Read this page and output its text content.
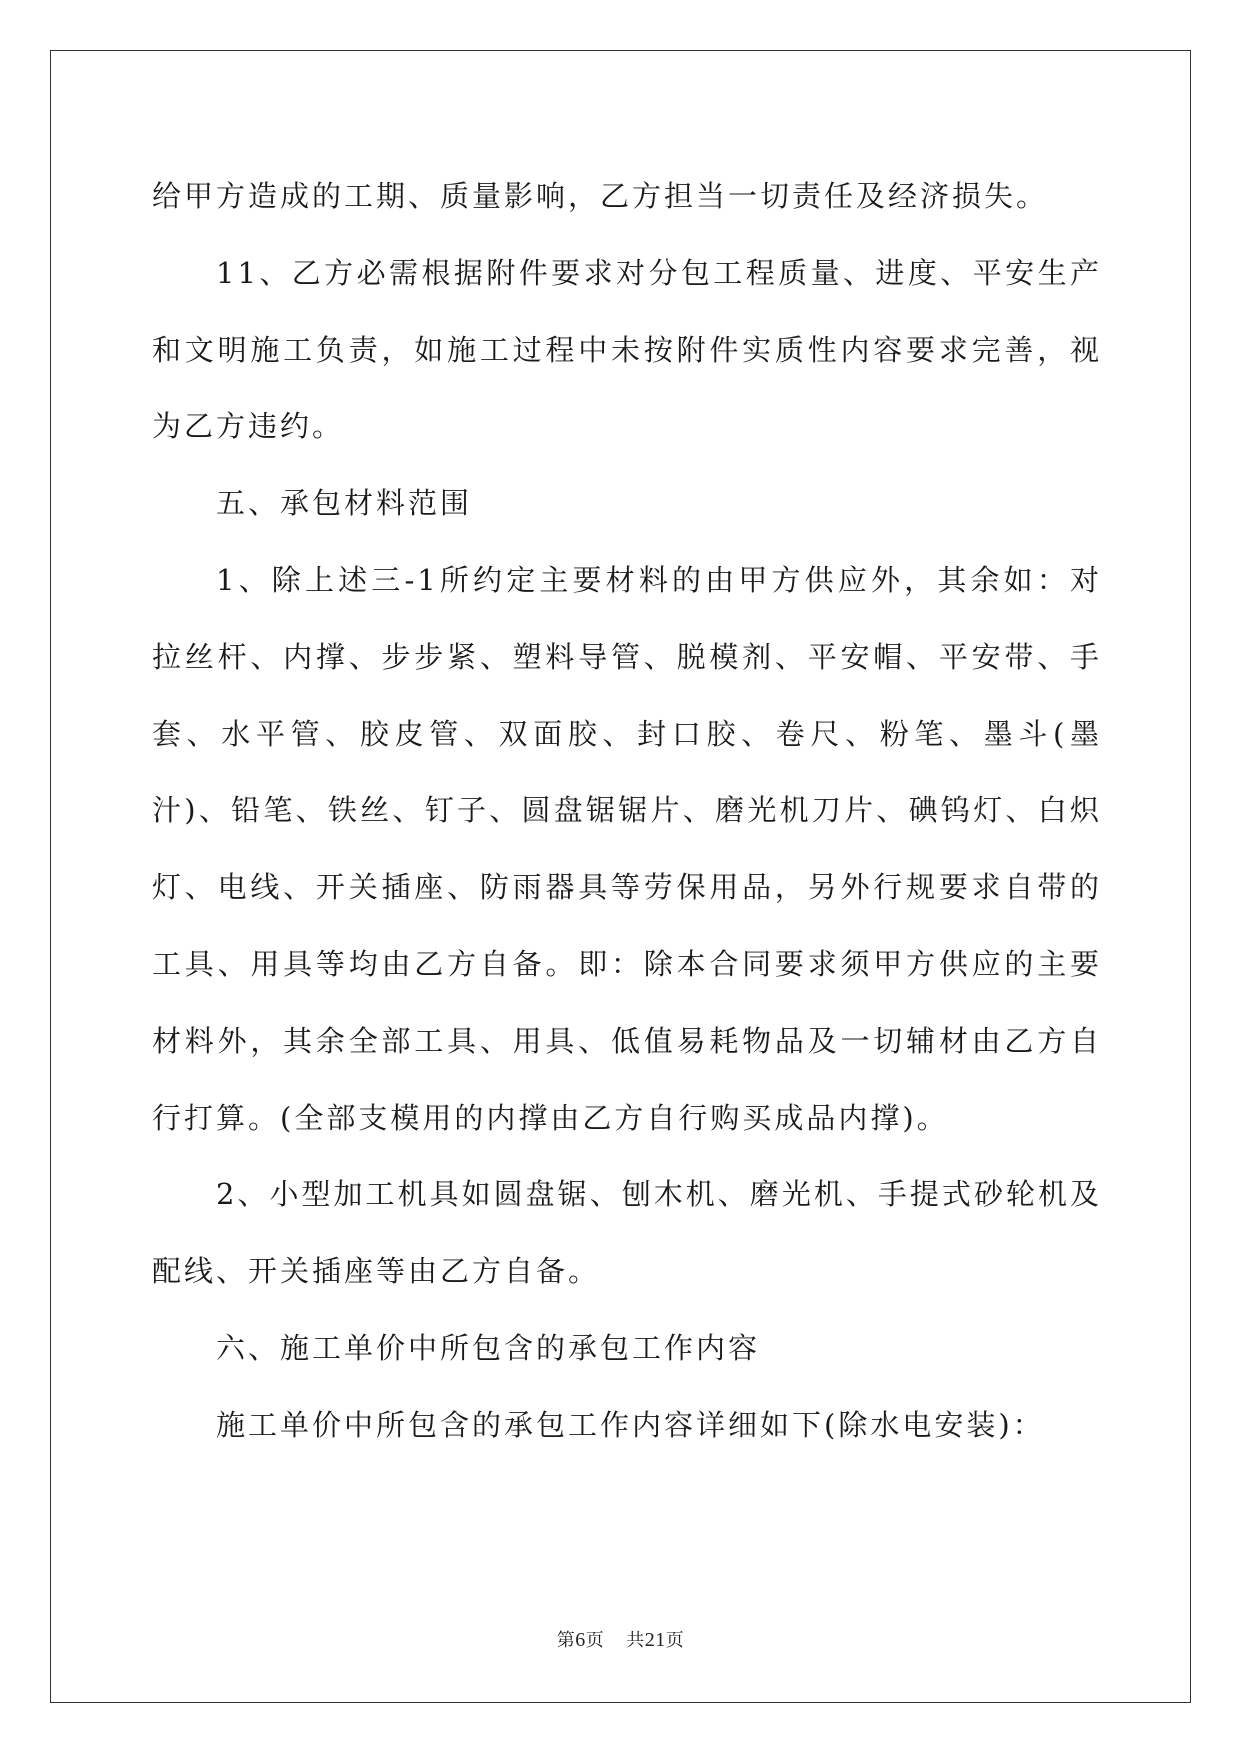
给甲方造成的工期、质量影响，乙方担当一切责任及经济损失。

11、乙方必需根据附件要求对分包工程质量、进度、平安生产和文明施工负责，如施工过程中未按附件实质性内容要求完善，视为乙方违约。

五、承包材料范围

1、除上述三-1所约定主要材料的由甲方供应外，其余如：对拉丝杆、内撑、步步紧、塑料导管、脱模剂、平安帽、平安带、手套、水平管、胶皮管、双面胶、封口胶、卷尺、粉笔、墨斗(墨汁)、铅笔、铁丝、钉子、圆盘锯锯片、磨光机刀片、碘钨灯、白炽灯、电线、开关插座、防雨器具等劳保用品，另外行规要求自带的工具、用具等均由乙方自备。即：除本合同要求须甲方供应的主要材料外，其余全部工具、用具、低值易耗物品及一切辅材由乙方自行打算。(全部支模用的内撑由乙方自行购买成品内撑)。

2、小型加工机具如圆盘锯、刨木机、磨光机、手提式砂轮机及配线、开关插座等由乙方自备。

六、施工单价中所包含的承包工作内容

施工单价中所包含的承包工作内容详细如下(除水电安装)：

第6页 共21页
